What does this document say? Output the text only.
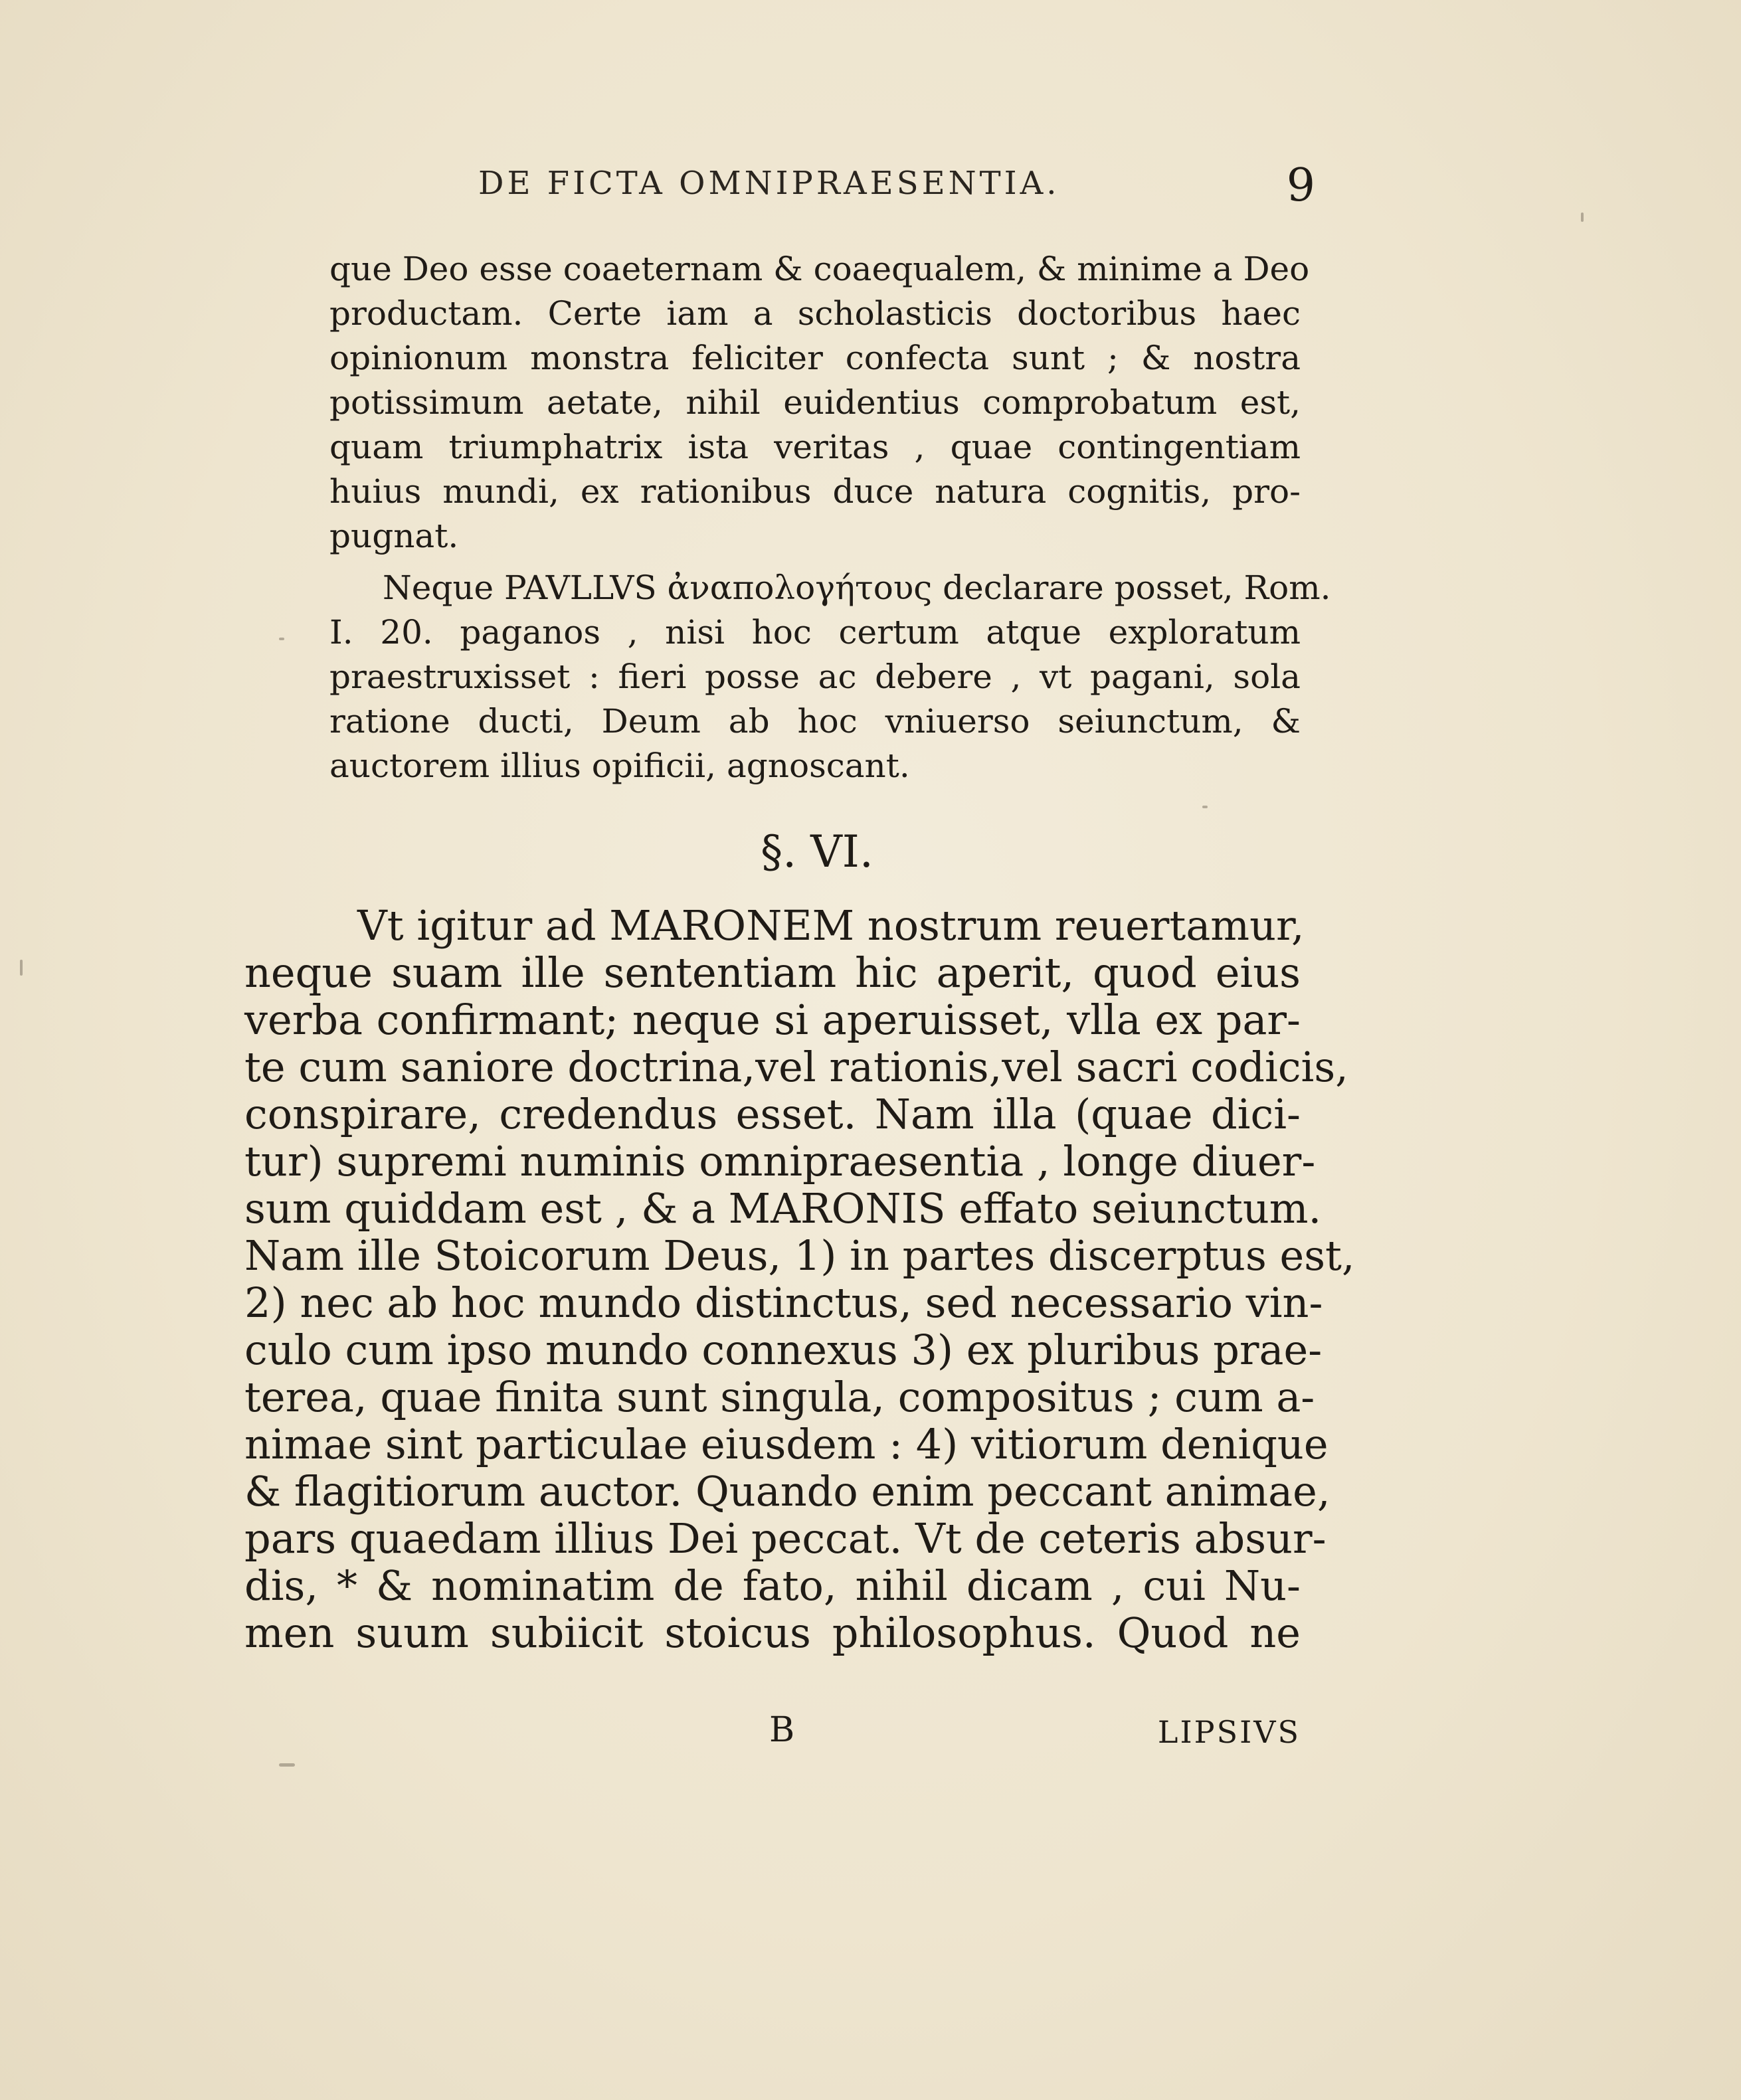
DE FICTA OMNIPRAESENTIA.	9
que Deo esse coaeternam & coaequalem, & minime a Deo
productam. Certe iam a scholasticis doctoribus haec
opinionum monstra feliciter confecta sunt ; & nostra
potissimum aetate, nihil euidentius comprobatum est,
quam triumphatrix ista veritas , quae contingentiam
huius mundi, ex rationibus duce natura cognitis, pro-
pugnat.
Neque PAVLLVS ἀναπολογήτους declarare posset, Rom.
I. 20. paganos , nisi hoc certum atque exploratum
praestruxisset : fieri posse ac debere , vt pagani, sola
ratione ducti, Deum ab hoc vniuerso seiunctum, &
auctorem illius opificii, agnoscant.
§. VI.
Vt igitur ad MARONEM nostrum reuertamur,
neque suam ille sententiam hic aperit, quod eius
verba confirmant; neque si aperuisset, vlla ex par-
te cum saniore doctrina,vel rationis,vel sacri codicis,
conspirare, credendus esset. Nam illa (quae dici-
tur) supremi numinis omnipraesentia , longe diuer-
sum quiddam est , & a MARONIS effato seiunctum.
Nam ille Stoicorum Deus, 1) in partes discerptus est,
2) nec ab hoc mundo distinctus, sed necessario vin-
culo cum ipso mundo connexus 3) ex pluribus prae-
terea, quae finita sunt singula, compositus ; cum a-
nimae sint particulae eiusdem : 4) vitiorum denique
& flagitiorum auctor. Quando enim peccant animae,
pars quaedam illius Dei peccat. Vt de ceteris absur-
dis, * & nominatim de fato, nihil dicam , cui Nu-
men suum subiicit stoicus philosophus. Quod ne
B	LIPSIVS
